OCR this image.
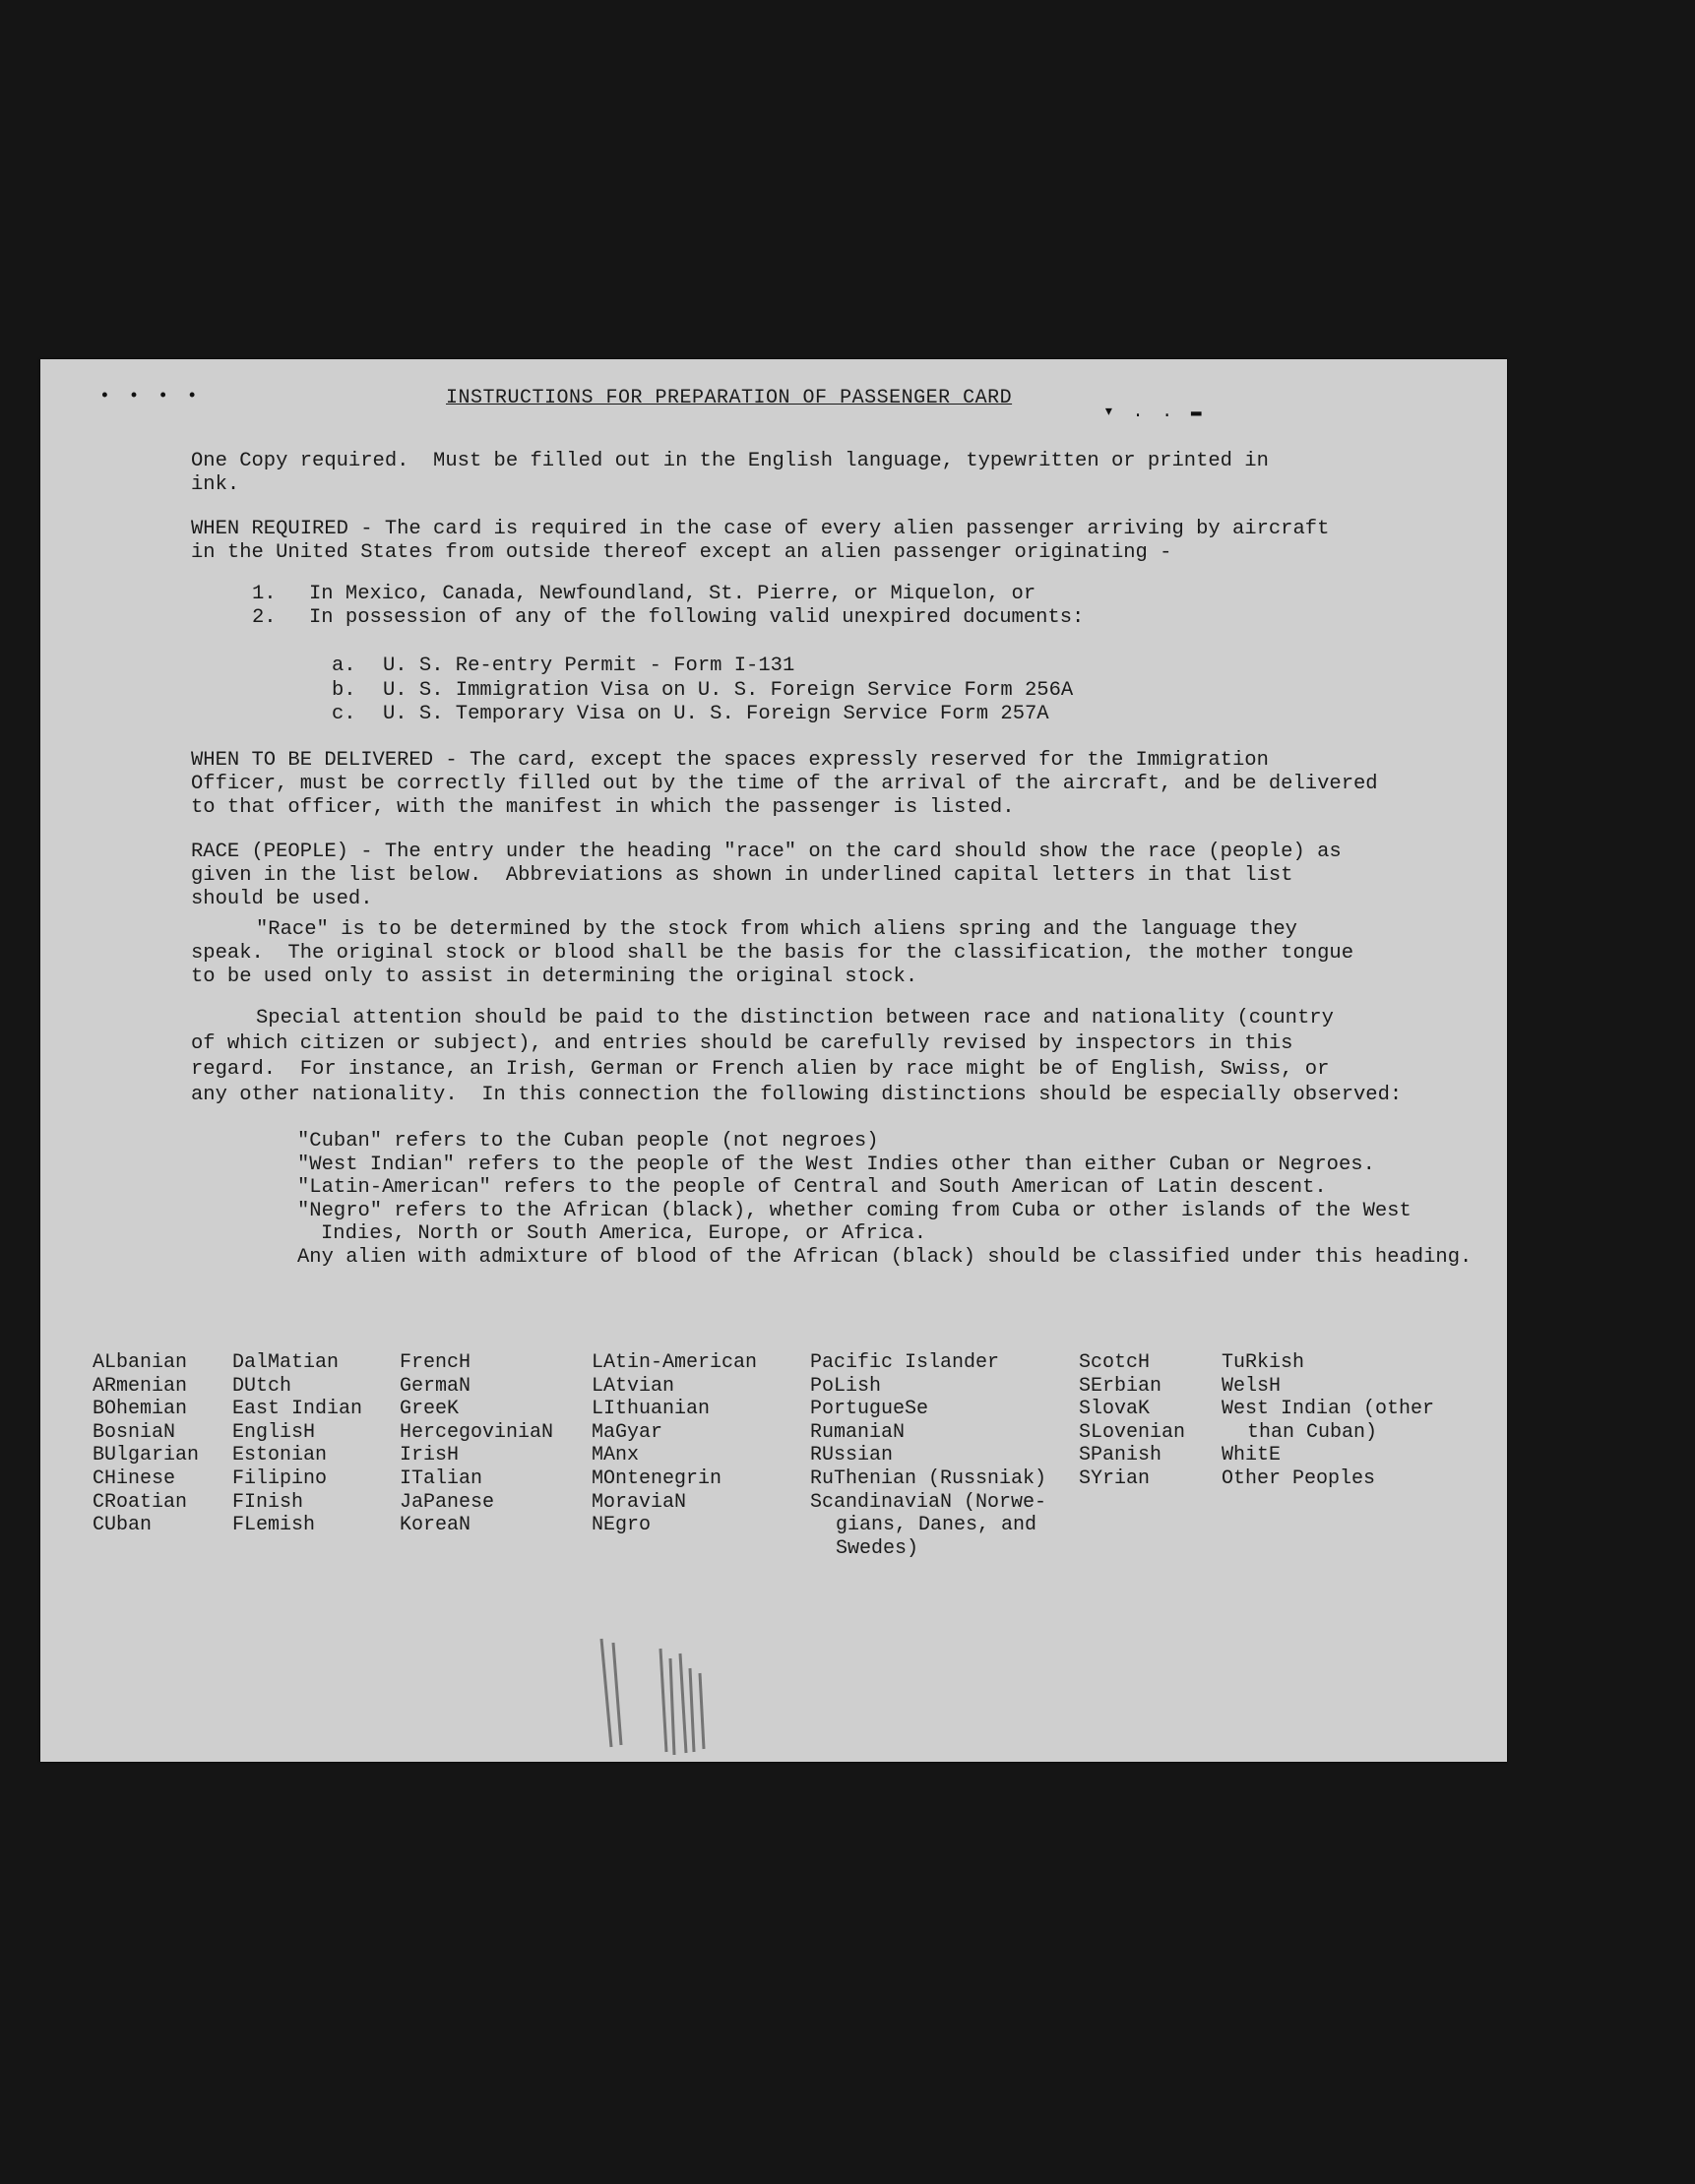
• • • •
▾ . . ▬
INSTRUCTIONS FOR PREPARATION OF PASSENGER CARD

One Copy required.  Must be filled out in the English language, typewritten or printed in
ink.

WHEN REQUIRED - The card is required in the case of every alien passenger arriving by aircraft
in the United States from outside thereof except an alien passenger originating -

1. In Mexico, Canada, Newfoundland, St. Pierre, or Miquelon, or
2. In possession of any of the following valid unexpired documents:
a. U. S. Re-entry Permit - Form I-131
b. U. S. Immigration Visa on U. S. Foreign Service Form 256A
c. U. S. Temporary Visa on U. S. Foreign Service Form 257A

WHEN TO BE DELIVERED - The card, except the spaces expressly reserved for the Immigration
Officer, must be correctly filled out by the time of the arrival of the aircraft, and be delivered
to that officer, with the manifest in which the passenger is listed.

RACE (PEOPLE) - The entry under the heading "race" on the card should show the race (people) as
given in the list below.  Abbreviations as shown in underlined capital letters in that list
should be used.

"Race" is to be determined by the stock from which aliens spring and the language they
speak.  The original stock or blood shall be the basis for the classification, the mother tongue
to be used only to assist in determining the original stock.

Special attention should be paid to the distinction between race and nationality (country
of which citizen or subject), and entries should be carefully revised by inspectors in this
regard.  For instance, an Irish, German or French alien by race might be of English, Swiss, or
any other nationality.  In this connection the following distinctions should be especially observed:

"Cuban" refers to the Cuban people (not negroes)
"West Indian" refers to the people of the West Indies other than either Cuban or Negroes.
"Latin-American" refers to the people of Central and South American of Latin descent.
"Negro" refers to the African (black), whether coming from Cuba or other islands of the West Indies, North or South America, Europe, or Africa.
Any alien with admixture of blood of the African (black) should be classified under this heading.
ALbanian
ARmenian
BOhemian
BosniaN
BUlgarian
CHinese
CRoatian
CUban
DalMatian
DUtch
East Indian
EnglisH
Estonian
Filipino
FInish
FLemish
FrencH
GermaN
GreeK
HercegoviniaN
IrisH
ITalian
JaPanese
KoreaN
LAtin-American
LAtvian
LIthuanian
MaGyar
MAnx
MOntenegrin
MoraviaN
NEgro
Pacific Islander
PoLish
PortugueSe
RumaniaN
RUssian
RuThenian (Russniak)
ScandinaviaN (Norwe-
gians, Danes, and
Swedes)
ScotcH
SErbian
SlovaK
SLovenian
SPanish
SYrian
TuRkish
WelsH
West Indian (other
than Cuban)
WhitE
Other Peoples
